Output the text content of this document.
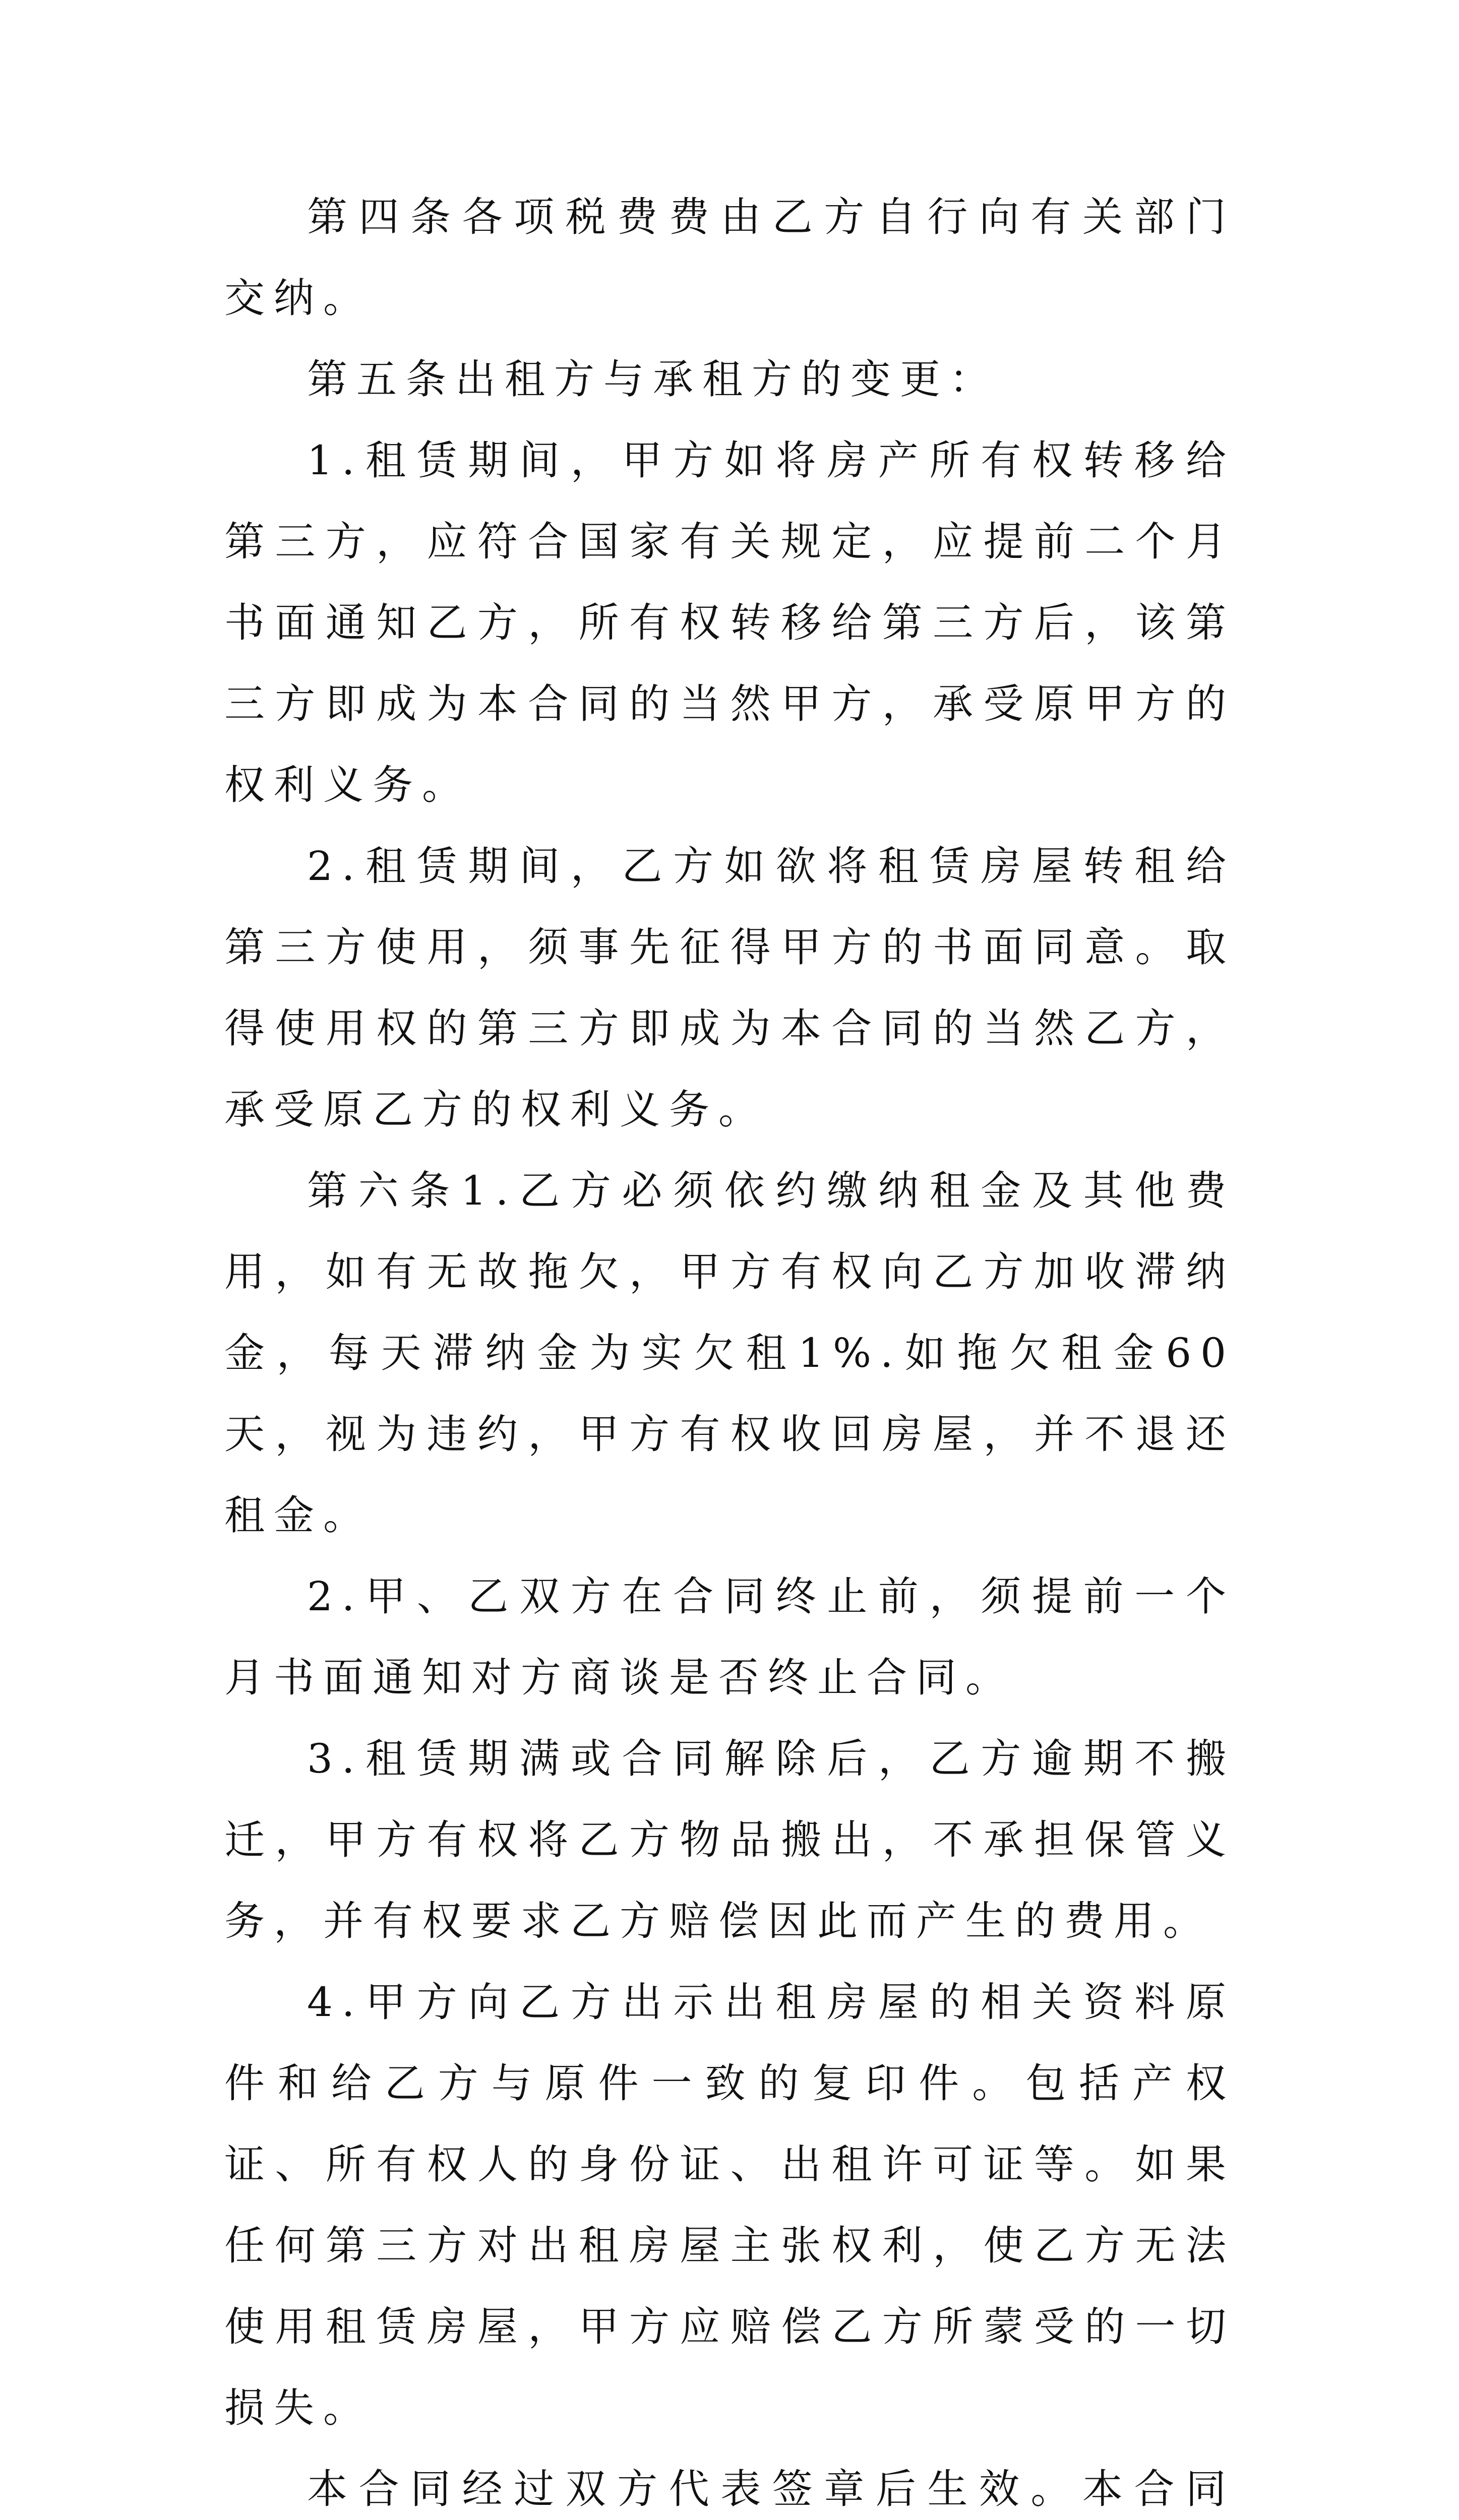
第四条各项税费费由乙方自行向有关部门交纳。

第五条出租方与承租方的变更：

1.租赁期间，甲方如将房产所有权转移给第三方，应符合国家有关规定，应提前二个月书面通知乙方，所有权转移给第三方后，该第三方即成为本合同的当然甲方，承受原甲方的权利义务。

2.租赁期间，乙方如欲将租赁房屋转租给第三方使用，须事先征得甲方的书面同意。取得使用权的第三方即成为本合同的当然乙方，承受原乙方的权利义务。

第六条1.乙方必须依约缴纳租金及其他费用，如有无故拖欠，甲方有权向乙方加收滞纳金，每天滞纳金为实欠租1%.如拖欠租金60天，视为违约，甲方有权收回房屋，并不退还租金。

2.甲、乙双方在合同终止前，须提前一个月书面通知对方商谈是否终止合同。

3.租赁期满或合同解除后，乙方逾期不搬迁，甲方有权将乙方物品搬出，不承担保管义务，并有权要求乙方赔偿因此而产生的费用。

4.甲方向乙方出示出租房屋的相关资料原件和给乙方与原件一致的复印件。包括产权证、所有权人的身份证、出租许可证等。如果任何第三方对出租房屋主张权利，使乙方无法使用租赁房屋，甲方应赔偿乙方所蒙受的一切损失。

本合同经过双方代表签章后生效。本合同
